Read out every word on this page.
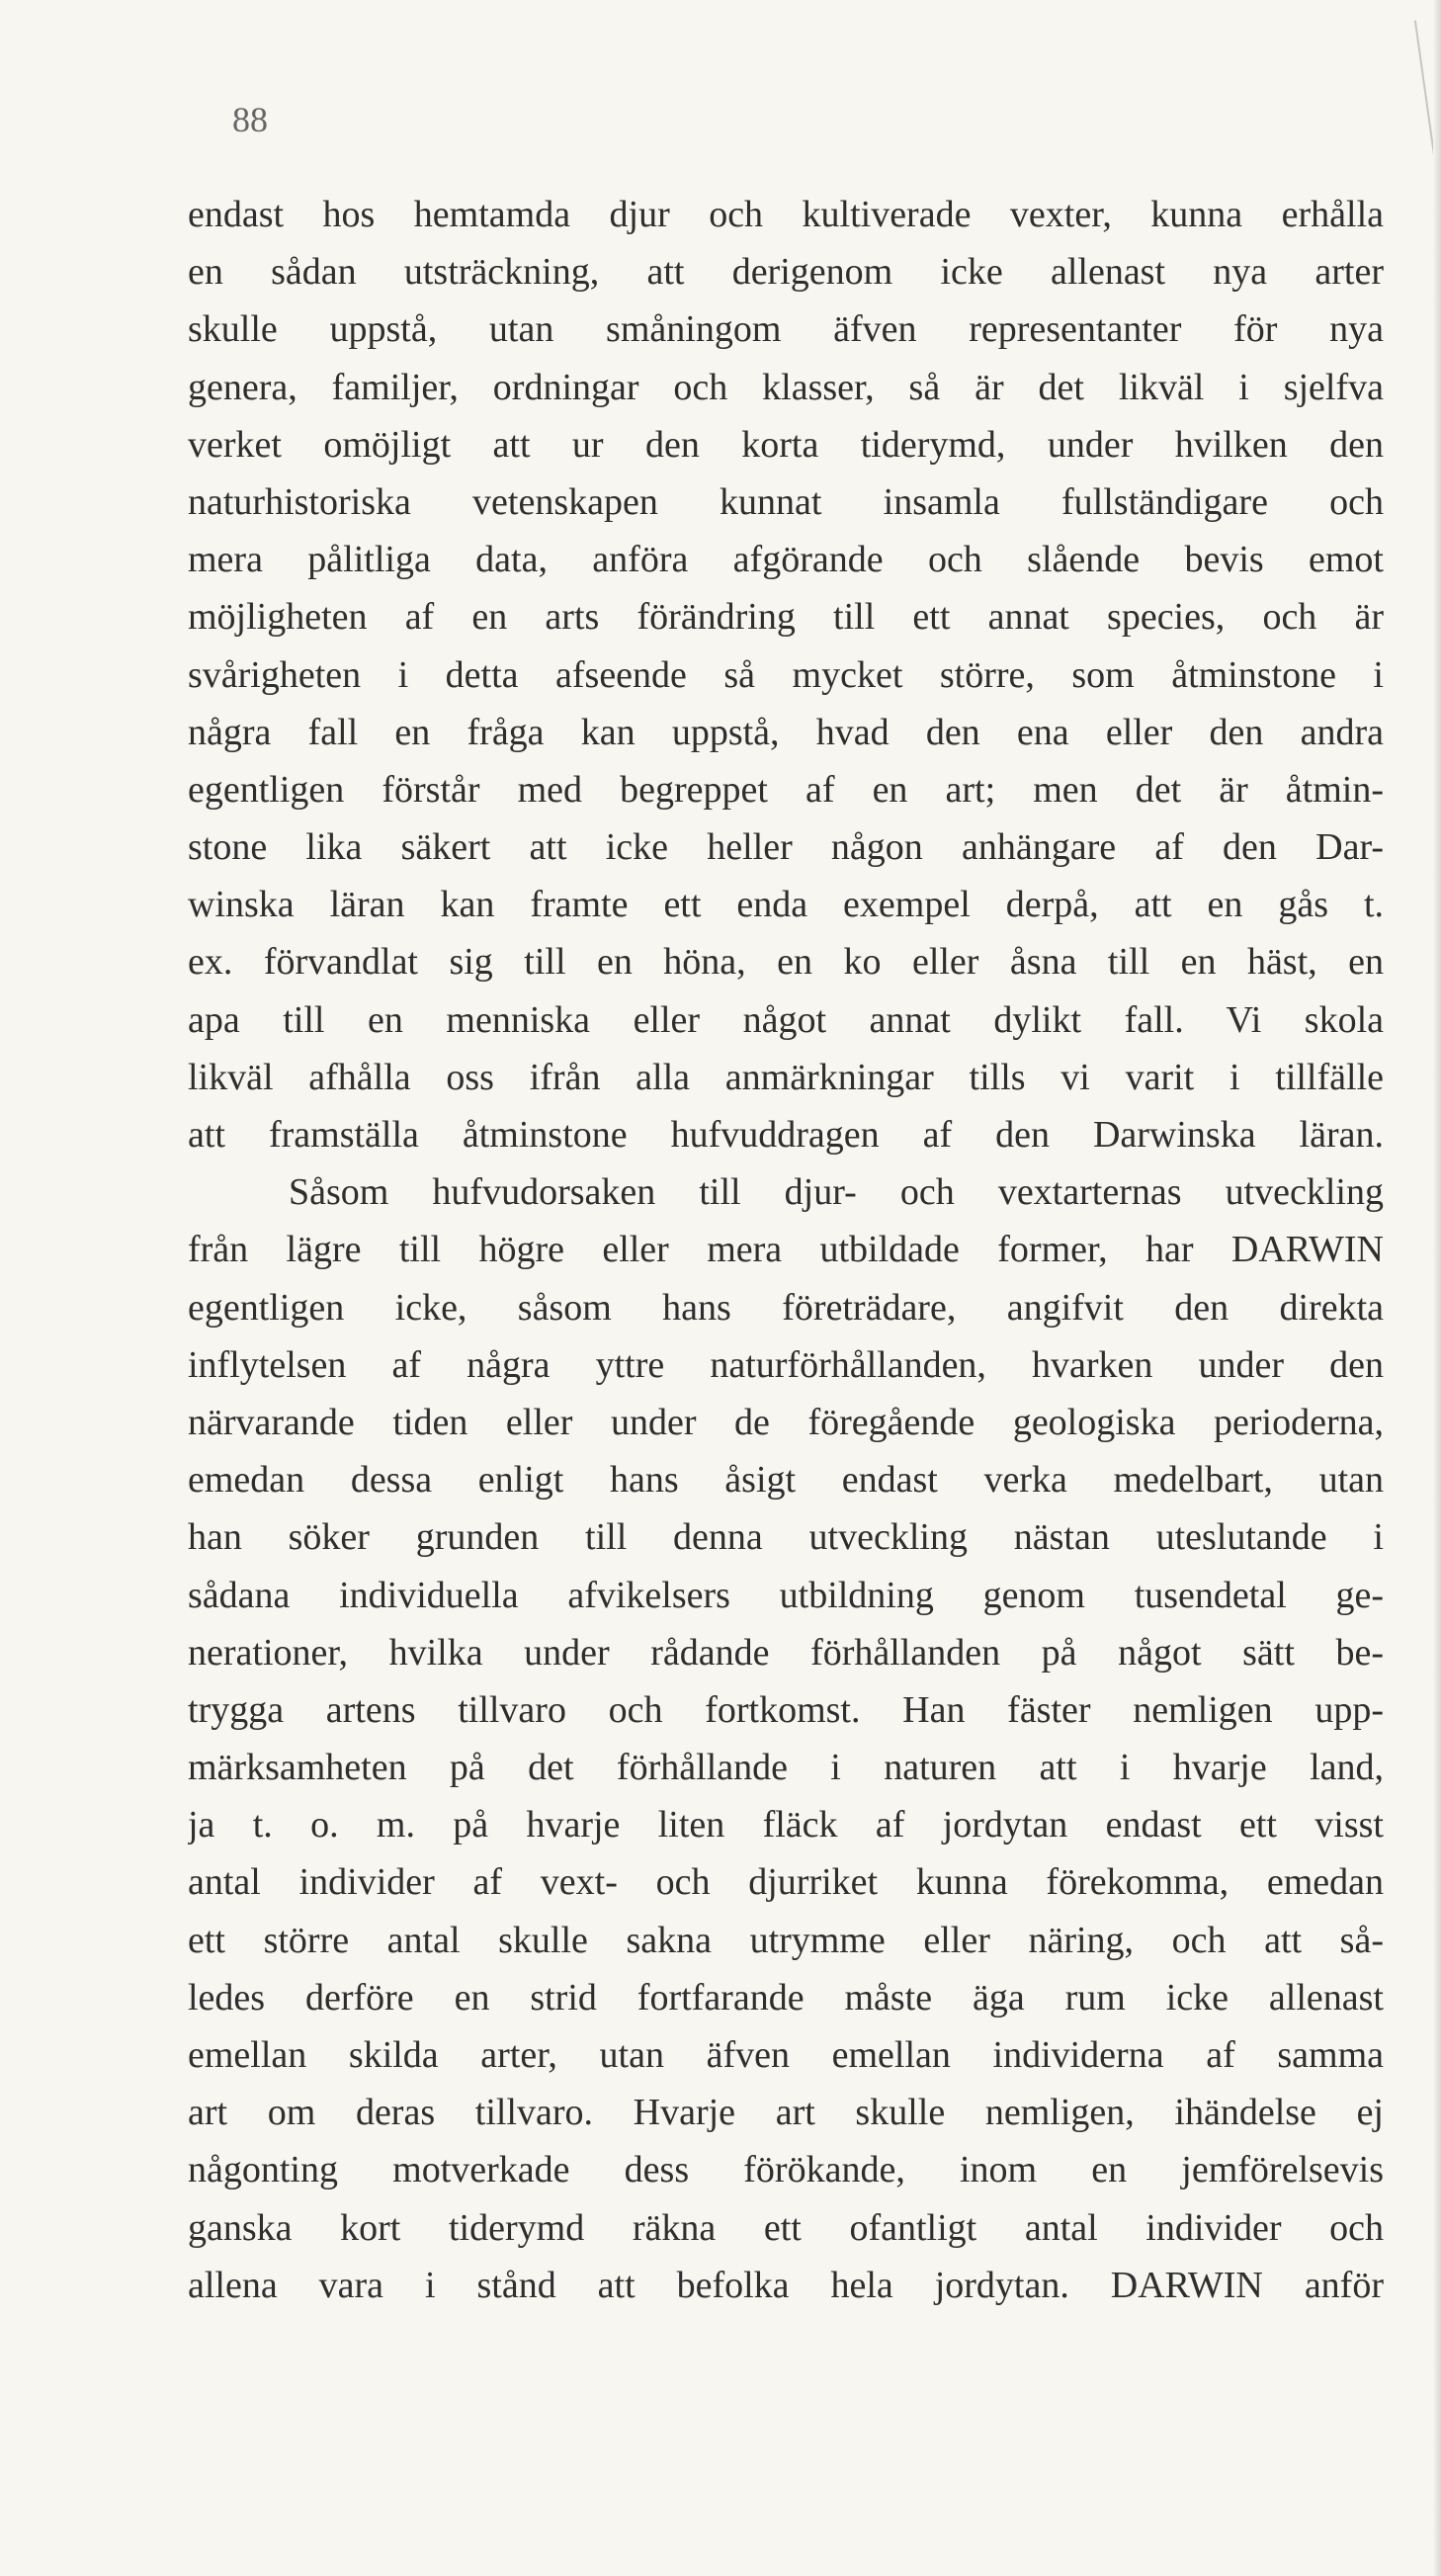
88
endast hos hemtamda djur och kultiverade vexter, kunna erhålla
en sådan utsträckning, att derigenom icke allenast nya arter
skulle uppstå, utan småningom äfven representanter för nya
genera, familjer, ordningar och klasser, så är det likväl i sjelfva
verket omöjligt att ur den korta tiderymd, under hvilken den
naturhistoriska vetenskapen kunnat insamla fullständigare och
mera pålitliga data, anföra afgörande och slående bevis emot
möjligheten af en arts förändring till ett annat species, och är
svårigheten i detta afseende så mycket större, som åtminstone i
några fall en fråga kan uppstå, hvad den ena eller den andra
egentligen förstår med begreppet af en art; men det är åtmin-
stone lika säkert att icke heller någon anhängare af den Dar-
winska läran kan framte ett enda exempel derpå, att en gås t.
ex. förvandlat sig till en höna, en ko eller åsna till en häst, en
apa till en menniska eller något annat dylikt fall. Vi skola
likväl afhålla oss ifrån alla anmärkningar tills vi varit i tillfälle
att framställa åtminstone hufvuddragen af den Darwinska läran.
Såsom hufvudorsaken till djur- och vextarternas utveckling
från lägre till högre eller mera utbildade former, har DARWIN
egentligen icke, såsom hans företrädare, angifvit den direkta
inflytelsen af några yttre naturförhållanden, hvarken under den
närvarande tiden eller under de föregående geologiska perioderna,
emedan dessa enligt hans åsigt endast verka medelbart, utan
han söker grunden till denna utveckling nästan uteslutande i
sådana individuella afvikelsers utbildning genom tusendetal ge-
nerationer, hvilka under rådande förhållanden på något sätt be-
trygga artens tillvaro och fortkomst. Han fäster nemligen upp-
märksamheten på det förhållande i naturen att i hvarje land,
ja t. o. m. på hvarje liten fläck af jordytan endast ett visst
antal individer af vext- och djurriket kunna förekomma, emedan
ett större antal skulle sakna utrymme eller näring, och att så-
ledes derföre en strid fortfarande måste äga rum icke allenast
emellan skilda arter, utan äfven emellan individerna af samma
art om deras tillvaro. Hvarje art skulle nemligen, ihändelse ej
någonting motverkade dess förökande, inom en jemförelsevis
ganska kort tiderymd räkna ett ofantligt antal individer och
allena vara i stånd att befolka hela jordytan. DARWIN anför
